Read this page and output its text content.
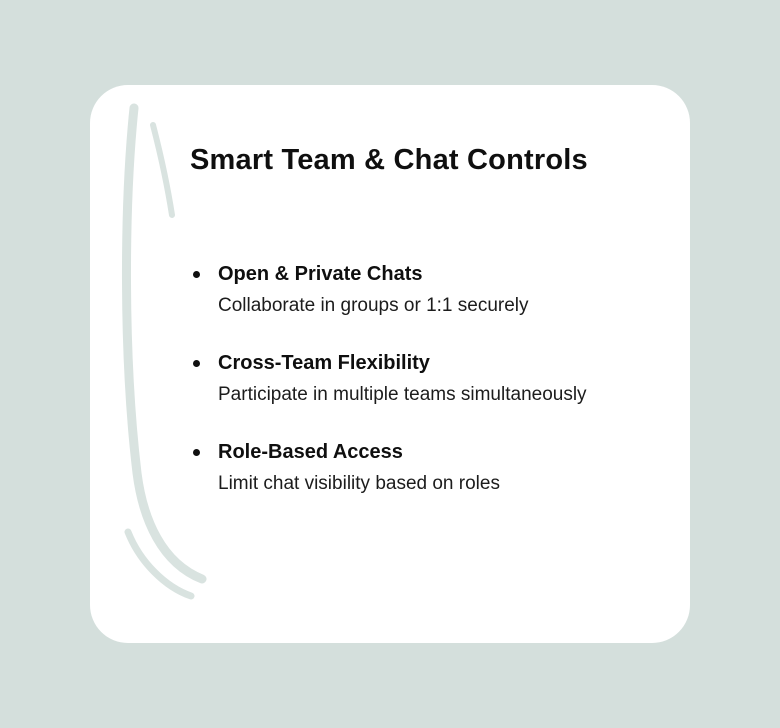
Smart Team & Chat Controls
Open & Private Chats
Collaborate in groups or 1:1 securely
Cross-Team Flexibility
Participate in multiple teams simultaneously
Role-Based Access
Limit chat visibility based on roles
